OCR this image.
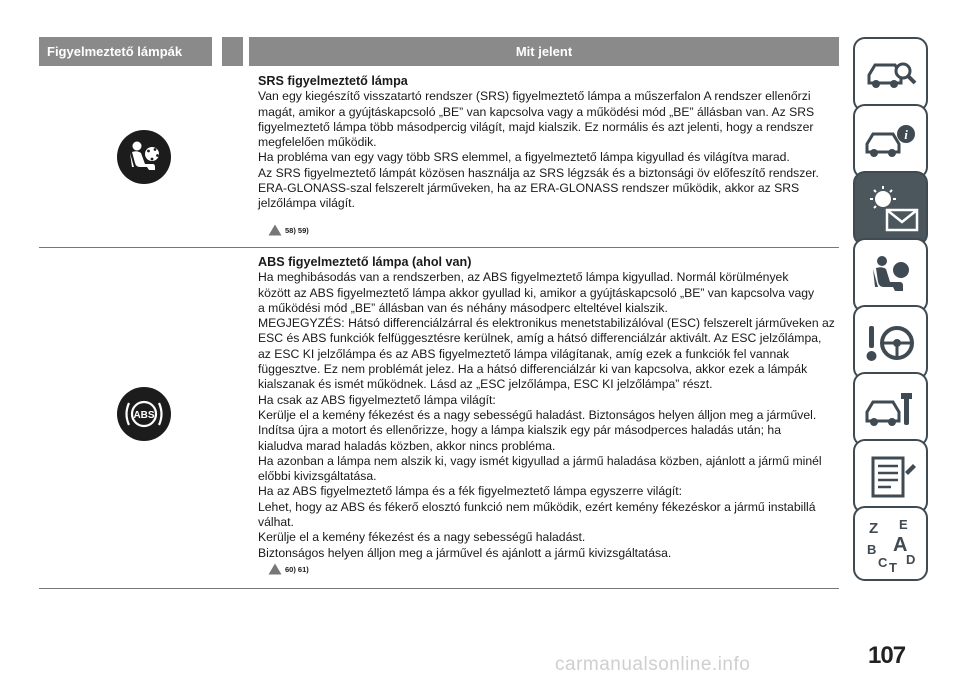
Figyelmeztető lámpák	Mit jelent
SRS figyelmeztető lámpa

Van egy kiegészítő visszatartó rendszer (SRS) figyelmeztető lámpa a műszerfalon A rendszer ellenőrzi

magát, amikor a gyújtáskapcsoló „BE” van kapcsolva vagy a működési mód „BE” állásban van. Az SRS

figyelmeztető lámpa több másodpercig világít, majd kialszik. Ez normális és azt jelenti, hogy a rendszer

megfelelően működik.

Ha probléma van egy vagy több SRS elemmel, a figyelmeztető lámpa kigyullad és világítva marad.

Az SRS figyelmeztető lámpát közösen használja az SRS légzsák és a biztonsági öv előfeszítő rendszer.

ERA-GLONASS-szal felszerelt járműveken, ha az ERA-GLONASS rendszer működik, akkor az SRS

jelzőlámpa világít.

58) 59)
ABS
ABS figyelmeztető lámpa (ahol van)

Ha meghibásodás van a rendszerben, az ABS figyelmeztető lámpa kigyullad. Normál körülmények

között az ABS figyelmeztető lámpa akkor gyullad ki, amikor a gyújtáskapcsoló „BE” van kapcsolva vagy

a működési mód „BE” állásban van és néhány másodperc elteltével kialszik.

MEGJEGYZÉS: Hátsó differenciálzárral és elektronikus menetstabilizálóval (ESC) felszerelt járműveken az

ESC és ABS funkciók felfüggesztésre kerülnek, amíg a hátsó differenciálzár aktivált. Az ESC jelzőlámpa,

az ESC KI jelzőlámpa és az ABS figyelmeztető lámpa világítanak, amíg ezek a funkciók fel vannak

függesztve. Ez nem problémát jelez. Ha a hátsó differenciálzár ki van kapcsolva, akkor ezek a lámpák

kialszanak és ismét működnek. Lásd az „ESC jelzőlámpa, ESC KI jelzőlámpa” részt.

Ha csak az ABS figyelmeztető lámpa világít:

Kerülje el a kemény fékezést és a nagy sebességű haladást. Biztonságos helyen álljon meg a járművel.

Indítsa újra a motort és ellenőrizze, hogy a lámpa kialszik egy pár másodperces haladás után; ha

kialudva marad haladás közben, akkor nincs probléma.

Ha azonban a lámpa nem alszik ki, vagy ismét kigyullad a jármű haladása közben, ajánlott a jármű minél

előbbi kivizsgáltatása.

Ha az ABS figyelmeztető lámpa és a fék figyelmeztető lámpa egyszerre világít:

Lehet, hogy az ABS és fékerő elosztó funkció nem működik, ezért kemény fékezéskor a jármű instabillá

válhat.

Kerülje el a kemény fékezést és a nagy sebességű haladást.

Biztonságos helyen álljon meg a járművel és ajánlott a jármű kivizsgáltatása.

60) 61)
i
Z E
A
B
C T
D
107
carmanualsonline.info
